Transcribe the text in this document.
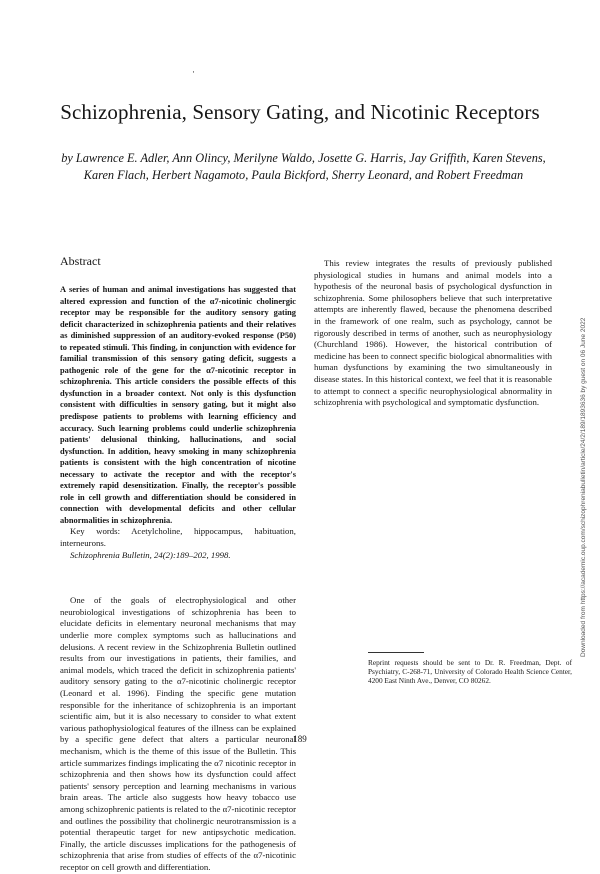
·
Schizophrenia, Sensory Gating, and Nicotinic Receptors
by Lawrence E. Adler, Ann Olincy, Merilyne Waldo, Josette G. Harris, Jay Griffith, Karen Stevens, Karen Flach, Herbert Nagamoto, Paula Bickford, Sherry Leonard, and Robert Freedman
Abstract

A series of human and animal investigations has suggested that altered expression and function of the α7-nicotinic cholinergic receptor may be responsible for the auditory sensory gating deficit characterized in schizophrenia patients and their relatives as diminished suppression of an auditory-evoked response (P50) to repeated stimuli. This finding, in conjunction with evidence for familial transmission of this sensory gating deficit, suggests a pathogenic role of the gene for the α7-nicotinic receptor in schizophrenia. This article considers the possible effects of this dysfunction in a broader context. Not only is this dysfunction consistent with difficulties in sensory gating, but it might also predispose patients to problems with learning efficiency and accuracy. Such learning problems could underlie schizophrenia patients' delusional thinking, hallucinations, and social dysfunction. In addition, heavy smoking in many schizophrenia patients is consistent with the high concentration of nicotine necessary to activate the receptor and with the receptor's extremely rapid desensitization. Finally, the receptor's possible role in cell growth and differentiation should be considered in connection with developmental deficits and other cellular abnormalities in schizophrenia.

Key words: Acetylcholine, hippocampus, habituation, interneurons.

Schizophrenia Bulletin, 24(2):189–202, 1998.

One of the goals of electrophysiological and other neurobiological investigations of schizophrenia has been to elucidate deficits in elementary neuronal mechanisms that may underlie more complex symptoms such as hallucinations and delusions. A recent review in the Schizophrenia Bulletin outlined results from our investigations in patients, their families, and animal models, which traced the deficit in schizophrenia patients' auditory sensory gating to the α7-nicotinic cholinergic receptor (Leonard et al. 1996). Finding the specific gene mutation responsible for the inheritance of schizophrenia is an important scientific aim, but it is also necessary to consider to what extent various pathophysiological features of the illness can be explained by a specific gene defect that alters a particular neuronal mechanism, which is the theme of this issue of the Bulletin. This article summarizes findings implicating the α7 nicotinic receptor in schizophrenia and then shows how its dysfunction could affect patients' sensory perception and learning mechanisms in various brain areas. The article also suggests how heavy tobacco use among schizophrenic patients is related to the α7-nicotinic receptor and outlines the possibility that cholinergic neurotransmission is a potential therapeutic target for new antipsychotic medication. Finally, the article discusses implications for the pathogenesis of schizophrenia that arise from studies of effects of the α7-nicotinic receptor on cell growth and differentiation.

This review integrates the results of previously published physiological studies in humans and animal models into a hypothesis of the neuronal basis of psychological dysfunction in schizophrenia. Some philosophers believe that such interpretative attempts are inherently flawed, because the phenomena described in the framework of one realm, such as psychology, cannot be rigorously described in terms of another, such as neurophysiology (Churchland 1986). However, the historical contribution of medicine has been to connect specific biological abnormalities with human dysfunctions by examining the two simultaneously in disease states. In this historical context, we feel that it is reasonable to attempt to connect a specific neurophysiological abnormality in schizophrenia with psychological and symptomatic dysfunction.

Reprint requests should be sent to Dr. R. Freedman, Dept. of Psychiatry, C-268-71, University of Colorado Health Science Center, 4200 East Ninth Ave., Denver, CO 80262.
189
Downloaded from https://academic.oup.com/schizophreniabulletin/article/24/2/189/1893636 by guest on 06 June 2022
